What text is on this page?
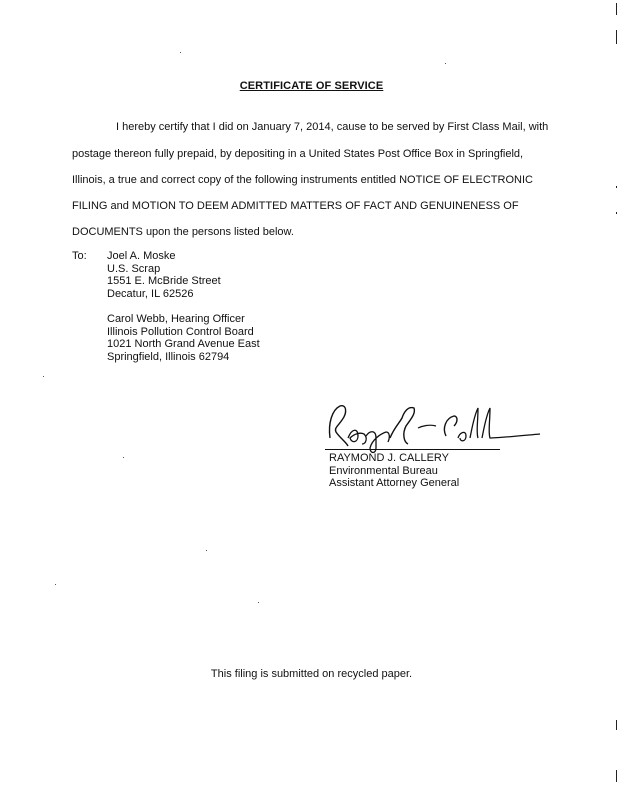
CERTIFICATE OF SERVICE
I hereby certify that I did on January 7, 2014, cause to be served by First Class Mail, with
postage thereon fully prepaid, by depositing in a United States Post Office Box in Springfield,
Illinois, a true and correct copy of the following instruments entitled NOTICE OF ELECTRONIC
FILING and MOTION TO DEEM ADMITTED MATTERS OF FACT AND GENUINENESS OF
DOCUMENTS upon the persons listed below.
To: Joel A. Moske
U.S. Scrap
1551 E. McBride Street
Decatur, IL 62526
Carol Webb, Hearing Officer
Illinois Pollution Control Board
1021 North Grand Avenue East
Springfield, Illinois 62794
RAYMOND J. CALLERY
Environmental Bureau
Assistant Attorney General
This filing is submitted on recycled paper.
